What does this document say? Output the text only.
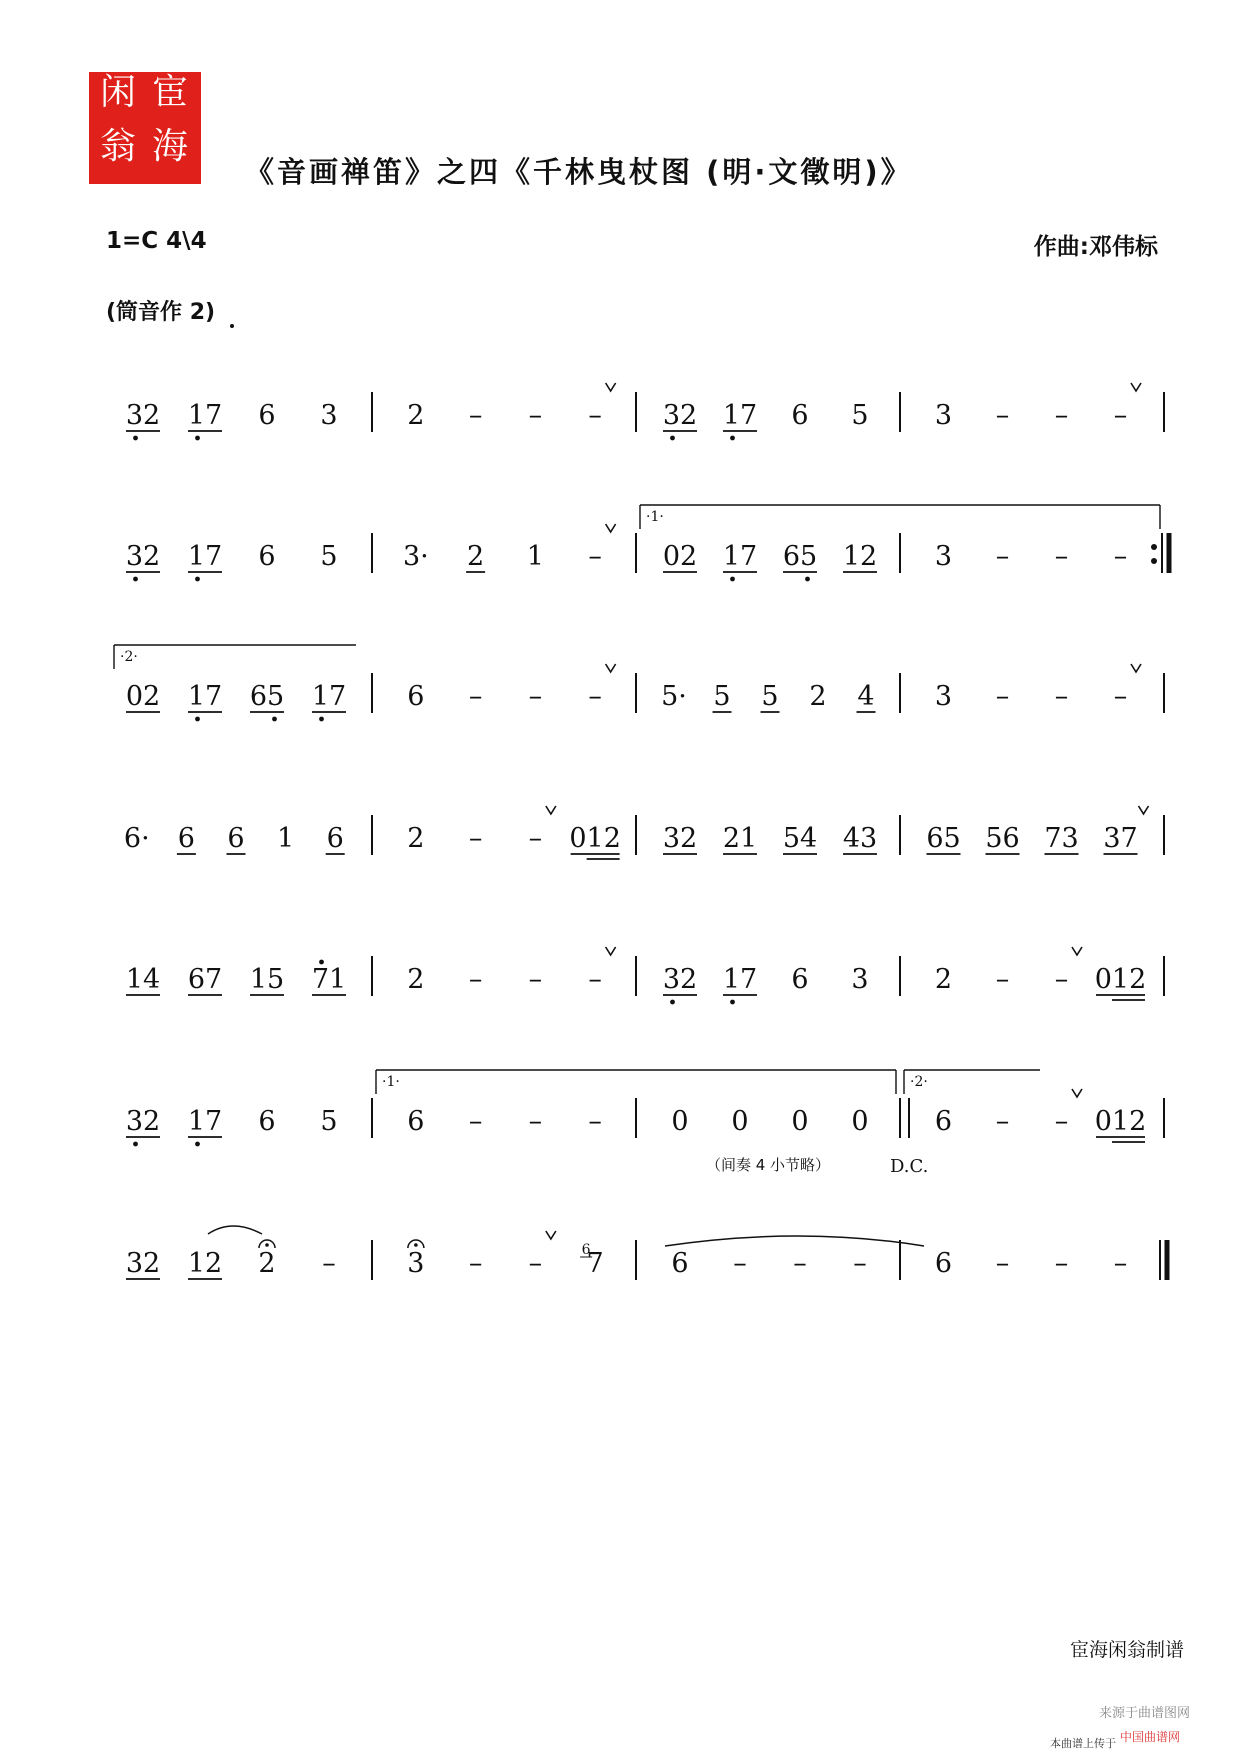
宦
海
闲
翁
《音画禅笛》之四《千林曳杖图 (明·文徵明)》
1=C 4\4	作曲:邓伟标
(筒音作 2)
32 17 6 3	2 – – – 32 17 6 5 3 – – –
32 17 6 5 3· 2 1 – 02 17 65 12 3 – – –
·1·
02 17 65 17 6 – – – 5· 5 5 2 4 3 – – –
·2·
6· 6 6 1 6 2 – – 012 32 21 54 43 65 56 73 37
14 67 15 71 2 – – – 32 17 6 3 2 – – 012
32 17 6 5	6 – – –	0 0 0 0 6 – – 012
·1·	·2·
（间奏 4 小节略）	D.C.
32 12 2 –	3 – – 7
6	6 – – –	6 – – –
宦海闲翁制谱
来源于曲谱图网
本曲谱上传于 中国曲谱网
